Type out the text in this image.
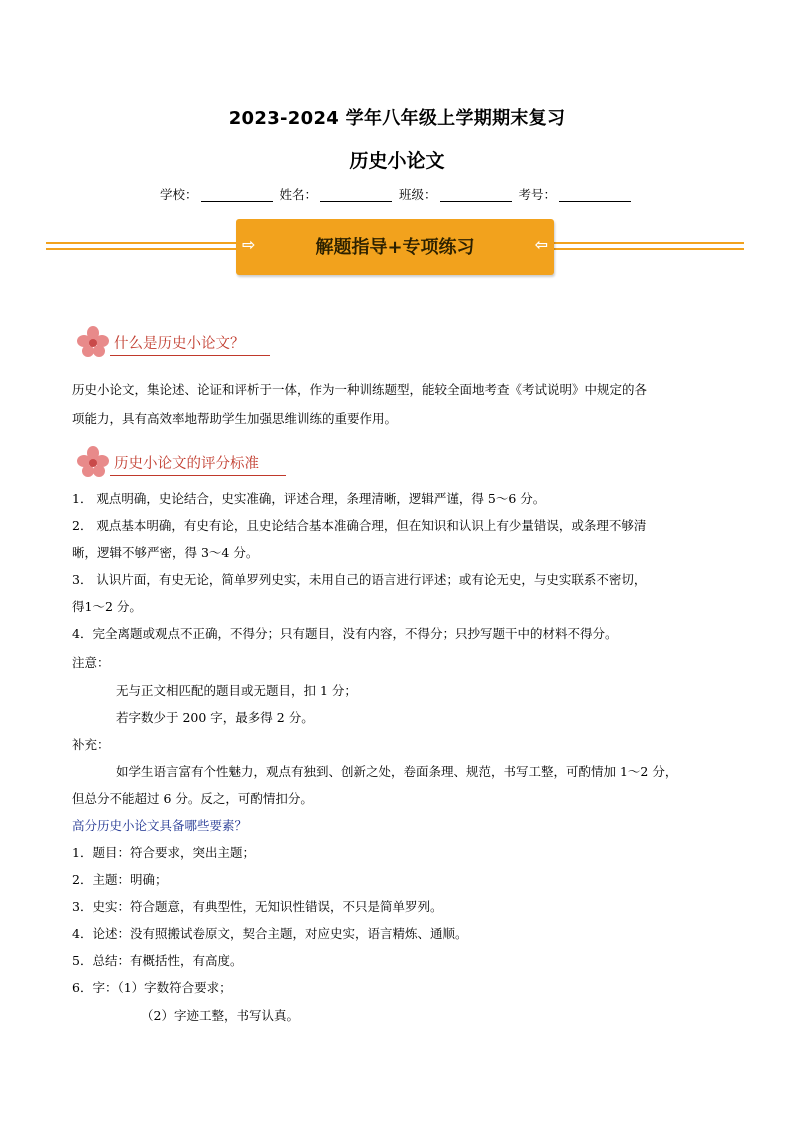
2023-2024 学年八年级上学期期末复习
历史小论文
学校：	姓名：	班级：	考号：
⇨	解题指导+专项练习	⇦
什么是历史小论文？
历史小论文，集论述、论证和评析于一体，作为一种训练题型，能较全面地考查《考试说明》中规定的各
项能力，具有高效率地帮助学生加强思维训练的重要作用。
历史小论文的评分标准
1． 观点明确，史论结合，史实准确，评述合理，条理清晰，逻辑严谨，得 5～6 分。
2． 观点基本明确，有史有论，且史论结合基本准确合理，但在知识和认识上有少量错误，或条理不够清
晰，逻辑不够严密，得 3～4 分。
3． 认识片面，有史无论，简单罗列史实，未用自己的语言进行评述；或有论无史，与史实联系不密切，
得1～2 分。
4．完全离题或观点不正确，不得分；只有题目，没有内容，不得分；只抄写题干中的材料不得分。
注意：
无与正文相匹配的题目或无题目，扣 1 分；
若字数少于 200 字，最多得 2 分。
补充：
如学生语言富有个性魅力，观点有独到、创新之处，卷面条理、规范，书写工整，可酌情加 1～2 分，
但总分不能超过 6 分。反之，可酌情扣分。
高分历史小论文具备哪些要素？
1．题目：符合要求，突出主题；
2．主题：明确；
3．史实：符合题意，有典型性，无知识性错误，不只是简单罗列。
4．论述：没有照搬试卷原文，契合主题，对应史实，语言精炼、通顺。
5．总结：有概括性，有高度。
6．字：（1）字数符合要求；
（2）字迹工整，书写认真。
